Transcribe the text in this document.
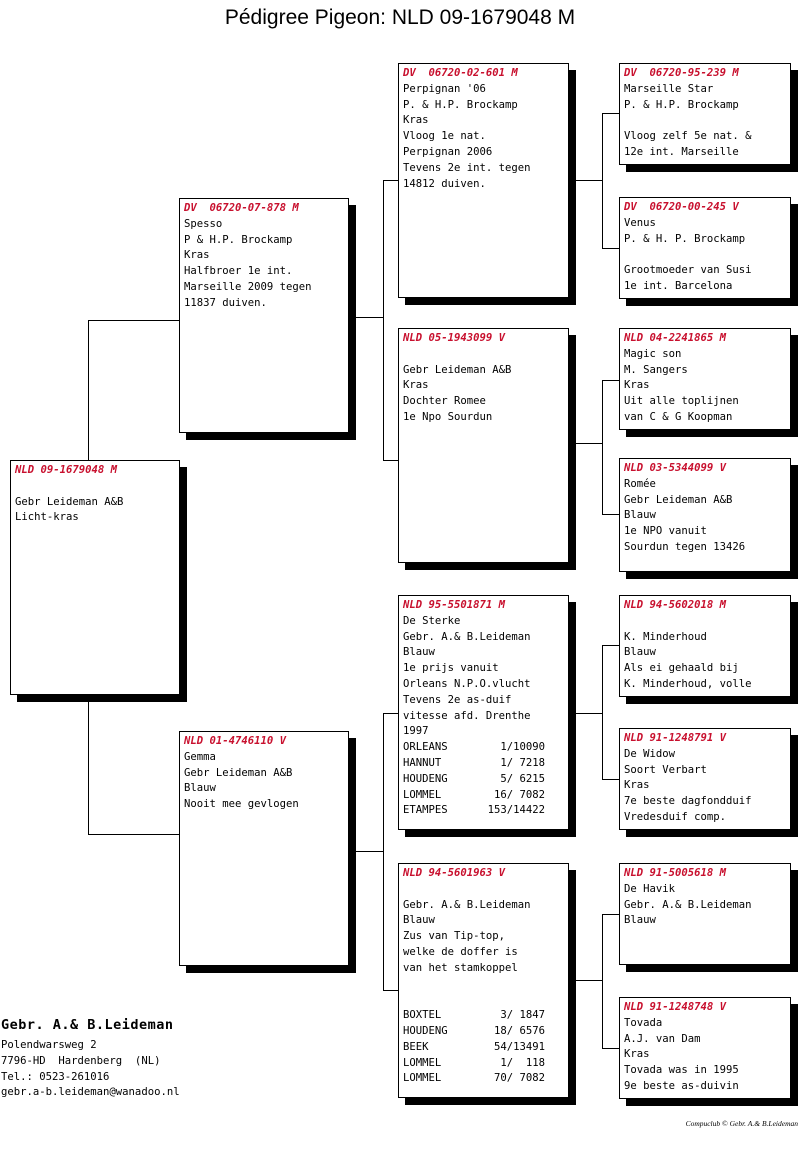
Pédigree Pigeon: NLD 09-1679048 M
NLD 09-1679048 M
Gebr Leideman A&B
Licht-kras
DV  06720-07-878 M
Spesso
P & H.P. Brockamp
Kras
Halfbroer 1e int.
Marseille 2009 tegen
11837 duiven.
NLD 01-4746110 V
Gemma
Gebr Leideman A&B
Blauw
Nooit mee gevlogen
DV  06720-02-601 M
Perpignan '06
P. & H.P. Brockamp
Kras
Vloog 1e nat.
Perpignan 2006
Tevens 2e int. tegen
14812 duiven.
NLD 05-1943099 V
Gebr Leideman A&B
Kras
Dochter Romee
1e Npo Sourdun
NLD 95-5501871 M
De Sterke
Gebr. A.& B.Leideman
Blauw
1e prijs vanuit
Orleans N.P.O.vlucht
Tevens 2e as-duif
vitesse afd. Drenthe
1997
ORLEANS	1/10090
HANNUT	1/ 7218
HOUDENG	5/ 6215
LOMMEL	16/ 7082
ETAMPES	153/14422
NLD 94-5601963 V
Gebr. A.& B.Leideman
Blauw
Zus van Tip-top,
welke de doffer is
van het stamkoppel
BOXTEL	3/ 1847
HOUDENG	18/ 6576
BEEK	54/13491
LOMMEL	1/  118
LOMMEL	70/ 7082
DV  06720-95-239 M
Marseille Star
P. & H.P. Brockamp
Vloog zelf 5e nat. &
12e int. Marseille
DV  06720-00-245 V
Venus
P. & H. P. Brockamp
Grootmoeder van Susi
1e int. Barcelona
NLD 04-2241865 M
Magic son
M. Sangers
Kras
Uit alle toplijnen
van C & G Koopman
NLD 03-5344099 V
Romée
Gebr Leideman A&B
Blauw
1e NPO vanuit
Sourdun tegen 13426
NLD 94-5602018 M
K. Minderhoud
Blauw
Als ei gehaald bij
K. Minderhoud, volle
NLD 91-1248791 V
De Widow
Soort Verbart
Kras
7e beste dagfondduif
Vredesduif comp.
NLD 91-5005618 M
De Havik
Gebr. A.& B.Leideman
Blauw
NLD 91-1248748 V
Tovada
A.J. van Dam
Kras
Tovada was in 1995
9e beste as-duivin
Gebr. A.& B.Leideman
Polendwarsweg 2
7796-HD  Hardenberg  (NL)
Tel.: 0523-261016
gebr.a-b.leideman@wanadoo.nl
Compuclub © Gebr. A.& B.Leideman
